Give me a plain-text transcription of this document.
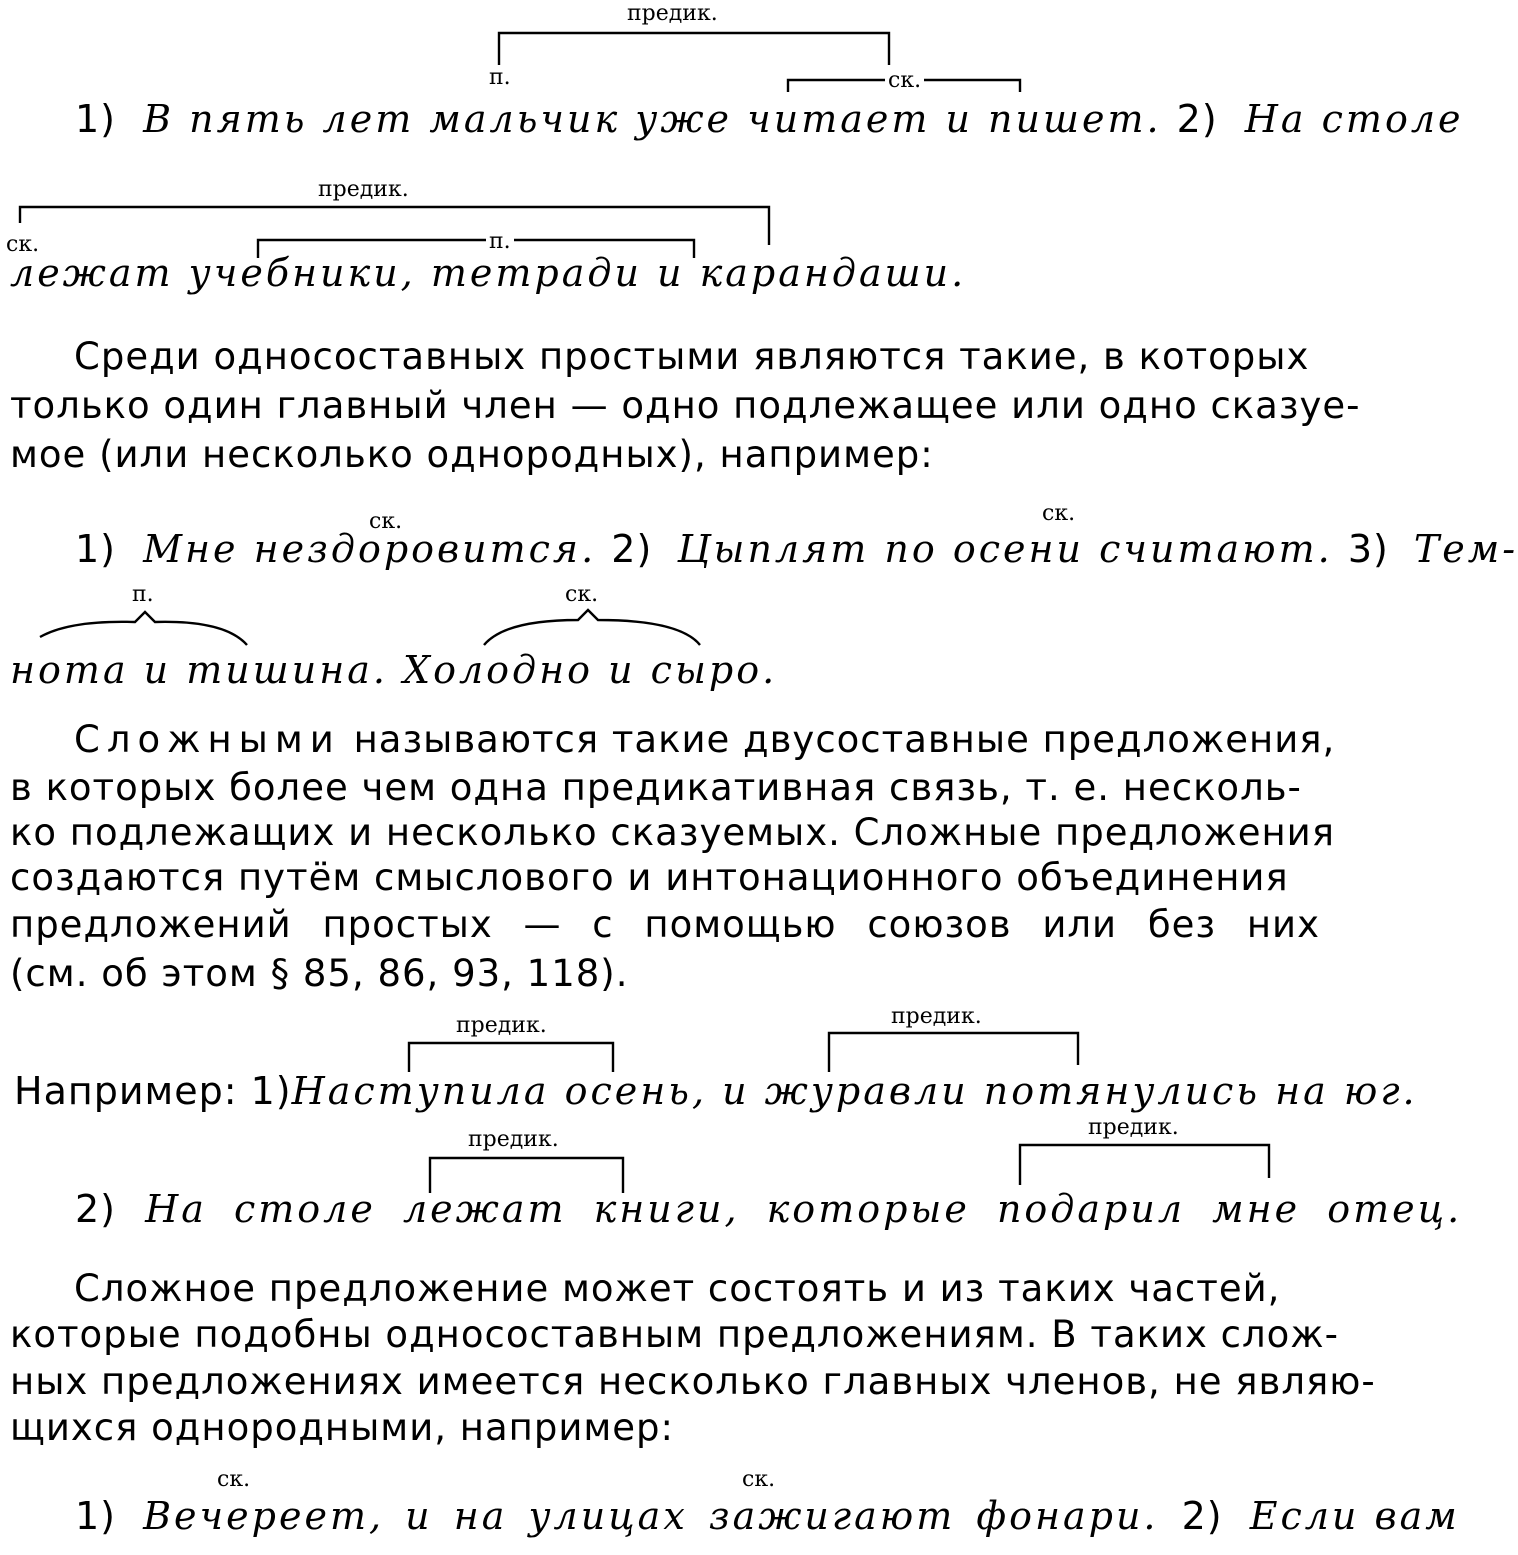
предик.
п.	ск.
1) В пять лет мальчик уже читает и пишет. 2) На столе
предик.
ск.	п.
лежат учебники, тетради и карандаши.
Среди односоставных простыми являются такие, в которых
только один главный член — одно подлежащее или одно сказуе-
мое (или несколько однородных), например:
ск.	ск.
1) Мне нездоровится. 2) Цыплят по осени считают. 3) Тем-
п.	ск.
нота и тишина. Холодно и сыро.
Сложными называются такие двусоставные предложения,
в которых более чем одна предикативная связь, т. е. несколь-
ко подлежащих и несколько сказуемых. Сложные предложения
создаются путём смыслового и интонационного объединения
предложений простых — с помощью союзов или без них
(см. об этом § 85, 86, 93, 118).
предик.	предик.
Например: 1)Наступила осень, и журавли потянулись на юг.
предик.	предик.
2) На столе лежат книги, которые подарил мне отец.
Сложное предложение может состоять и из таких частей,
которые подобны односоставным предложениям. В таких слож-
ных предложениях имеется несколько главных членов, не являю-
щихся однородными, например:
ск.	ск.
1) Вечереет, и на улицах зажигают фонари. 2) Если вам
